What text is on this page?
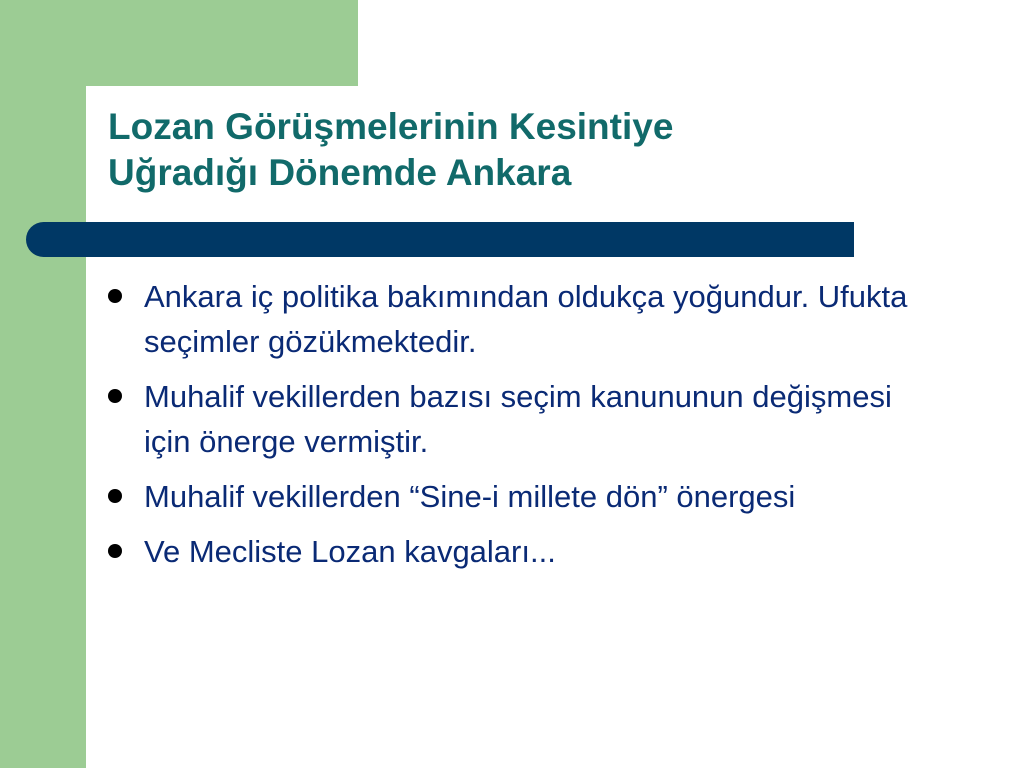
Lozan Görüşmelerinin Kesintiye
Uğradığı Dönemde Ankara
Ankara iç politika bakımından oldukça yoğundur. Ufukta seçimler gözükmektedir.
Muhalif vekillerden bazısı seçim kanununun değişmesi için önerge vermiştir.
Muhalif vekillerden “Sine-i millete dön” önergesi
Ve Mecliste Lozan kavgaları...
